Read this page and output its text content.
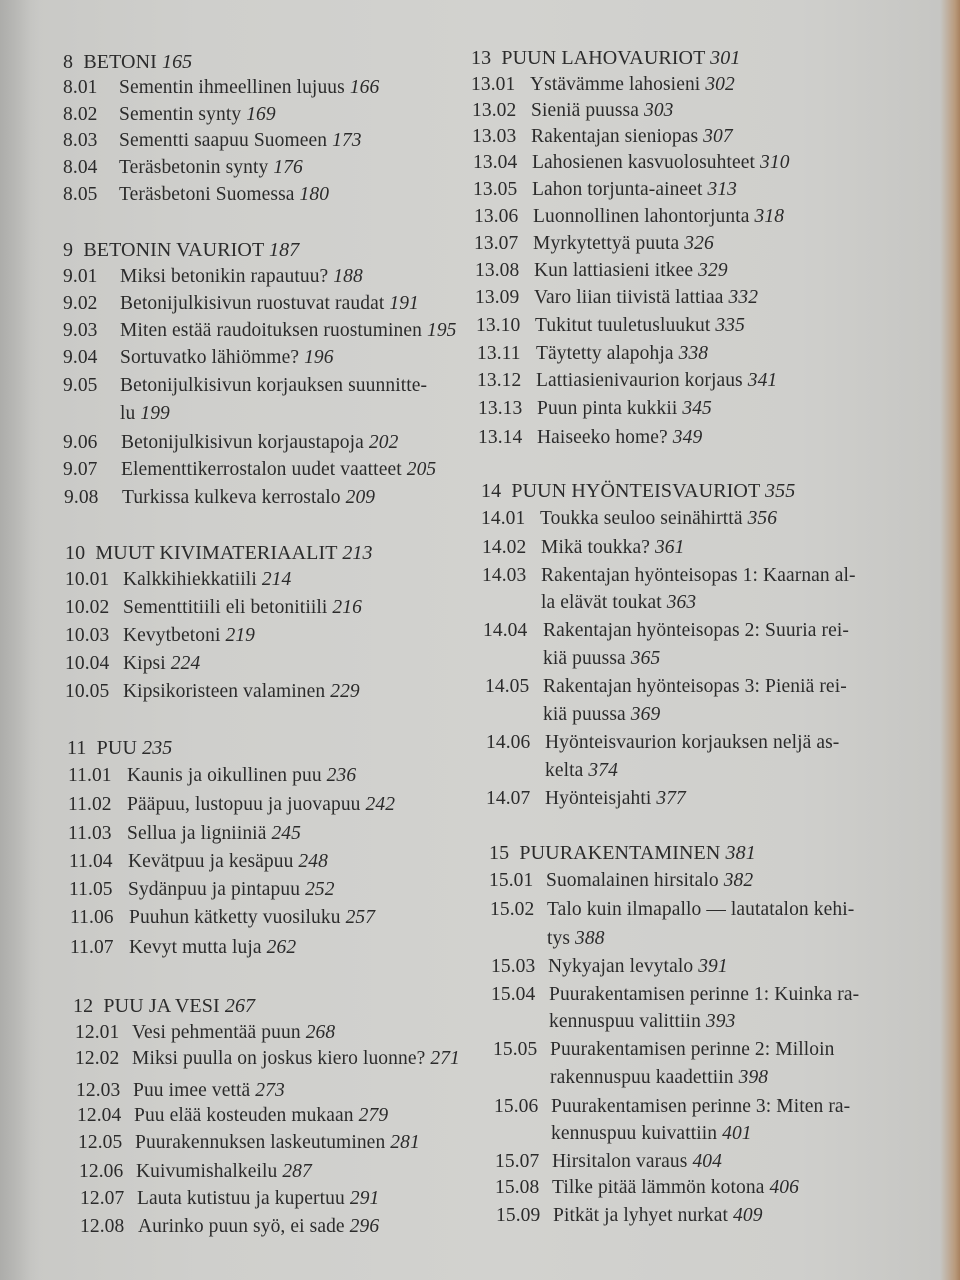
8 BETONI 165
8.01 Sementin ihmeellinen lujuus 166
8.02 Sementin synty 169
8.03 Sementti saapuu Suomeen 173
8.04 Teräsbetonin synty 176
8.05 Teräsbetoni Suomessa 180
9 BETONIN VAURIOT 187
9.01 Miksi betonikin rapautuu? 188
9.02 Betonijulkisivun ruostuvat raudat 191
9.03 Miten estää raudoituksen ruostuminen 195
9.04 Sortuvatko lähiömme? 196
9.05 Betonijulkisivun korjauksen suunnitte-
lu 199
9.06 Betonijulkisivun korjaustapoja 202
9.07 Elementtikerrostalon uudet vaatteet 205
9.08 Turkissa kulkeva kerrostalo 209
10 MUUT KIVIMATERIAALIT 213
10.01 Kalkkihiekkatiili 214
10.02 Sementtitiili eli betonitiili 216
10.03 Kevytbetoni 219
10.04 Kipsi 224
10.05 Kipsikoristeen valaminen 229
11 PUU 235
11.01 Kaunis ja oikullinen puu 236
11.02 Pääpuu, lustopuu ja juovapuu 242
11.03 Sellua ja ligniiniä 245
11.04 Kevätpuu ja kesäpuu 248
11.05 Sydänpuu ja pintapuu 252
11.06 Puuhun kätketty vuosiluku 257
11.07 Kevyt mutta luja 262
12 PUU JA VESI 267
12.01 Vesi pehmentää puun 268
12.02 Miksi puulla on joskus kiero luonne? 271
12.03 Puu imee vettä 273
12.04 Puu elää kosteuden mukaan 279
12.05 Puurakennuksen laskeutuminen 281
12.06 Kuivumishalkeilu 287
12.07 Lauta kutistuu ja kupertuu 291
12.08 Aurinko puun syö, ei sade 296
13 PUUN LAHOVAURIOT 301
13.01 Ystävämme lahosieni 302
13.02 Sieniä puussa 303
13.03 Rakentajan sieniopas 307
13.04 Lahosienen kasvuolosuhteet 310
13.05 Lahon torjunta-aineet 313
13.06 Luonnollinen lahontorjunta 318
13.07 Myrkytettyä puuta 326
13.08 Kun lattiasieni itkee 329
13.09 Varo liian tiivistä lattiaa 332
13.10 Tukitut tuuletusluukut 335
13.11 Täytetty alapohja 338
13.12 Lattiasienivaurion korjaus 341
13.13 Puun pinta kukkii 345
13.14 Haiseeko home? 349
14 PUUN HYÖNTEISVAURIOT 355
14.01 Toukka seuloo seinähirttä 356
14.02 Mikä toukka? 361
14.03 Rakentajan hyönteisopas 1: Kaarnan al-
la elävät toukat 363
14.04 Rakentajan hyönteisopas 2: Suuria rei-
kiä puussa 365
14.05 Rakentajan hyönteisopas 3: Pieniä rei-
kiä puussa 369
14.06 Hyönteisvaurion korjauksen neljä as-
kelta 374
14.07 Hyönteisjahti 377
15 PUURAKENTAMINEN 381
15.01 Suomalainen hirsitalo 382
15.02 Talo kuin ilmapallo — lautatalon kehi-
tys 388
15.03 Nykyajan levytalo 391
15.04 Puurakentamisen perinne 1: Kuinka ra-
kennuspuu valittiin 393
15.05 Puurakentamisen perinne 2: Milloin
rakennuspuu kaadettiin 398
15.06 Puurakentamisen perinne 3: Miten ra-
kennuspuu kuivattiin 401
15.07 Hirsitalon varaus 404
15.08 Tilke pitää lämmön kotona 406
15.09 Pitkät ja lyhyet nurkat 409
